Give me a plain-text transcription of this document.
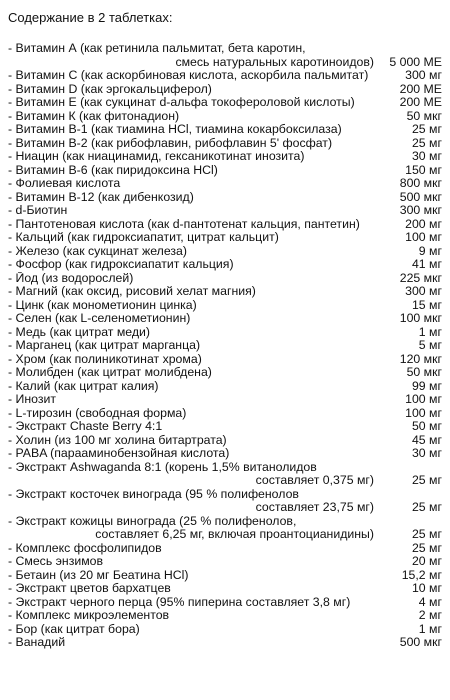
Содержание в 2 таблетках:
- Витамин А (как ретинила пальмитат, бета каротин,
смесь натуральных каротиноидов)	5 000 МЕ
- Витамин С (как аскорбиновая кислота, аскорбила пальмитат)	300 мг
- Витамин D (как эргокальциферол)	200 МЕ
- Витамин Е (как сукцинат d-альфа токофероловой кислоты)	200 МЕ
- Витамин К (как фитонадион)	50 мкг
- Витамин В-1 (как тиамина HCl, тиамина кокарбоксилаза)	25 мг
- Витамин В-2 (как рибофлавин, рибофлавин 5' фосфат)	25 мг
- Ниацин (как ниацинамид, гексаникотинат инозита)	30 мг
- Витамин В-6 (как пиридоксина HCl)	150 мг
- Фолиевая кислота	800 мкг
- Витамин В-12 (как дибенкозид)	500 мкг
- d-Биотин	300 мкг
- Пантотеновая кислота (как d-пантотенат кальция, пантетин)	200 мг
- Кальций (как гидроксиапатит, цитрат кальцит)	100 мг
- Железо (как сукцинат железа)	9 мг
- Фосфор (как гидроксиапатит кальция)	41 мг
- Йод (из водорослей)	225 мкг
- Магний (как оксид, рисовий хелат магния)	300 мг
- Цинк (как монометионин цинка)	15 мг
- Селен (как L-селенометионин)	100 мкг
- Медь (как цитрат меди)	1 мг
- Марганец (как цитрат марганца)	5 мг
- Хром (как полиникотинат хрома)	120 мкг
- Молибден (как цитрат молибдена)	50 мкг
- Калий (как цитрат калия)	99 мг
- Инозит	100 мг
- L-тирозин (свободная форма)	100 мг
- Экстракт Chaste Berry 4:1	50 мг
- Холин (из 100 мг холина битартрата)	45 мг
- PABA (парааминобензойная кислота)	30 мг
- Экстракт Ashwaganda 8:1 (корень 1,5% витанолидов
составляет 0,375 мг)	25 мг
- Экстракт косточек винограда (95 % полифенолов
составляет 23,75 мг)	25 мг
- Экстракт кожицы винограда (25 % полифенолов,
составляет 6,25 мг, включая проантоцианидины)	25 мг
- Комплекс фосфолипидов	25 мг
- Смесь энзимов	20 мг
- Бетаин (из 20 мг Беатина HCl)	15,2 мг
- Экстракт цветов бархатцев	10 мг
- Экстракт черного перца (95% пиперина составляет 3,8 мг)	4 мг
- Комплекс микроэлементов	2 мг
- Бор (как цитрат бора)	1 мг
- Ванадий	500 мкг
